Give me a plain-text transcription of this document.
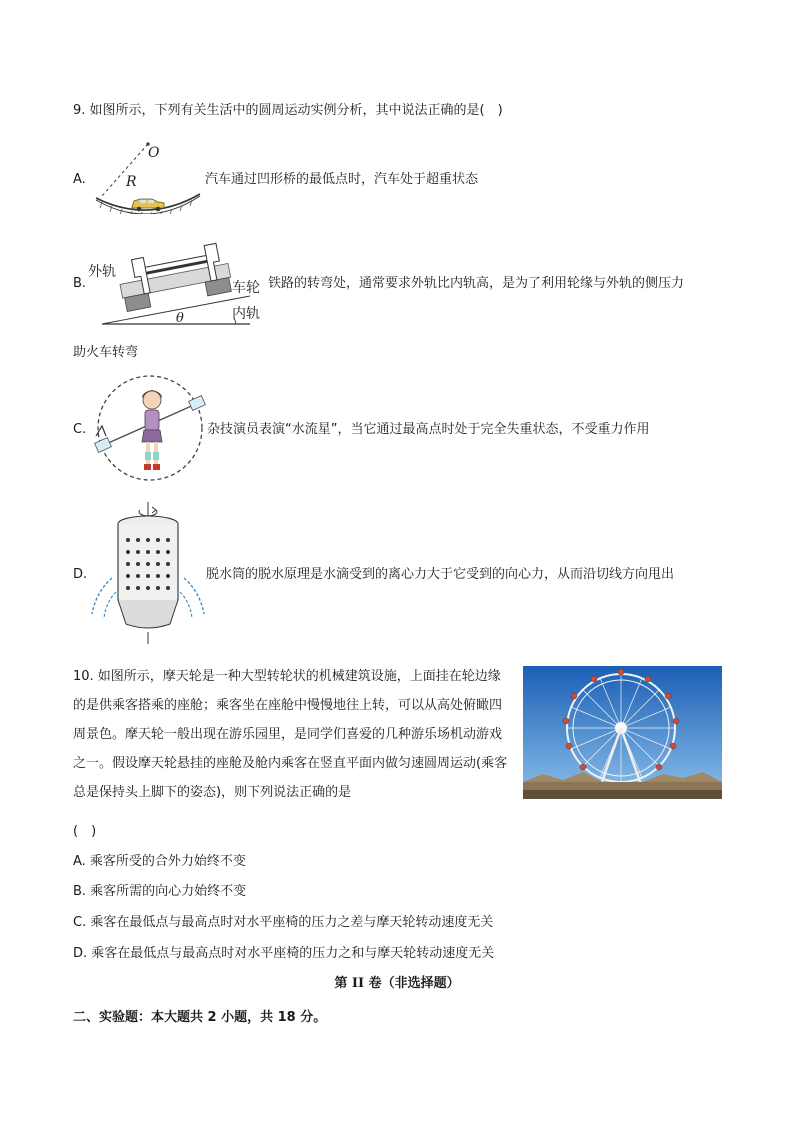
9. 如图所示，下列有关生活中的圆周运动实例分析，其中说法正确的是(　)
A.
O
R	汽车通过凹形桥的最低点时，汽车处于超重状态
B.
外轨
车轮
内轨
θ
铁路的转弯处，通常要求外轨比内轨高，是为了利用轮缘与外轨的侧压力
助火车转弯
C.	杂技演员表演“水流星”，当它通过最高点时处于完全失重状态，不受重力作用
D.	脱水筒的脱水原理是水滴受到的离心力大于它受到的向心力，从而沿切线方向甩出
10. 如图所示，摩天轮是一种大型转轮状的机械建筑设施，上面挂在轮边缘的是供乘客搭乘的座舱；乘客坐在座舱中慢慢地往上转，可以从高处俯瞰四周景色。摩天轮一般出现在游乐园里，是同学们喜爱的几种游乐场机动游戏之一。假设摩天轮悬挂的座舱及舱内乘客在竖直平面内做匀速圆周运动(乘客总是保持头上脚下的姿态)，则下列说法正确的是
(　)
A. 乘客所受的合外力始终不变
B. 乘客所需的向心力始终不变
C. 乘客在最低点与最高点时对水平座椅的压力之差与摩天轮转动速度无关
D. 乘客在最低点与最高点时对水平座椅的压力之和与摩天轮转动速度无关
第 II 卷（非选择题）
二、实验题：本大题共 2 小题，共 18 分。
